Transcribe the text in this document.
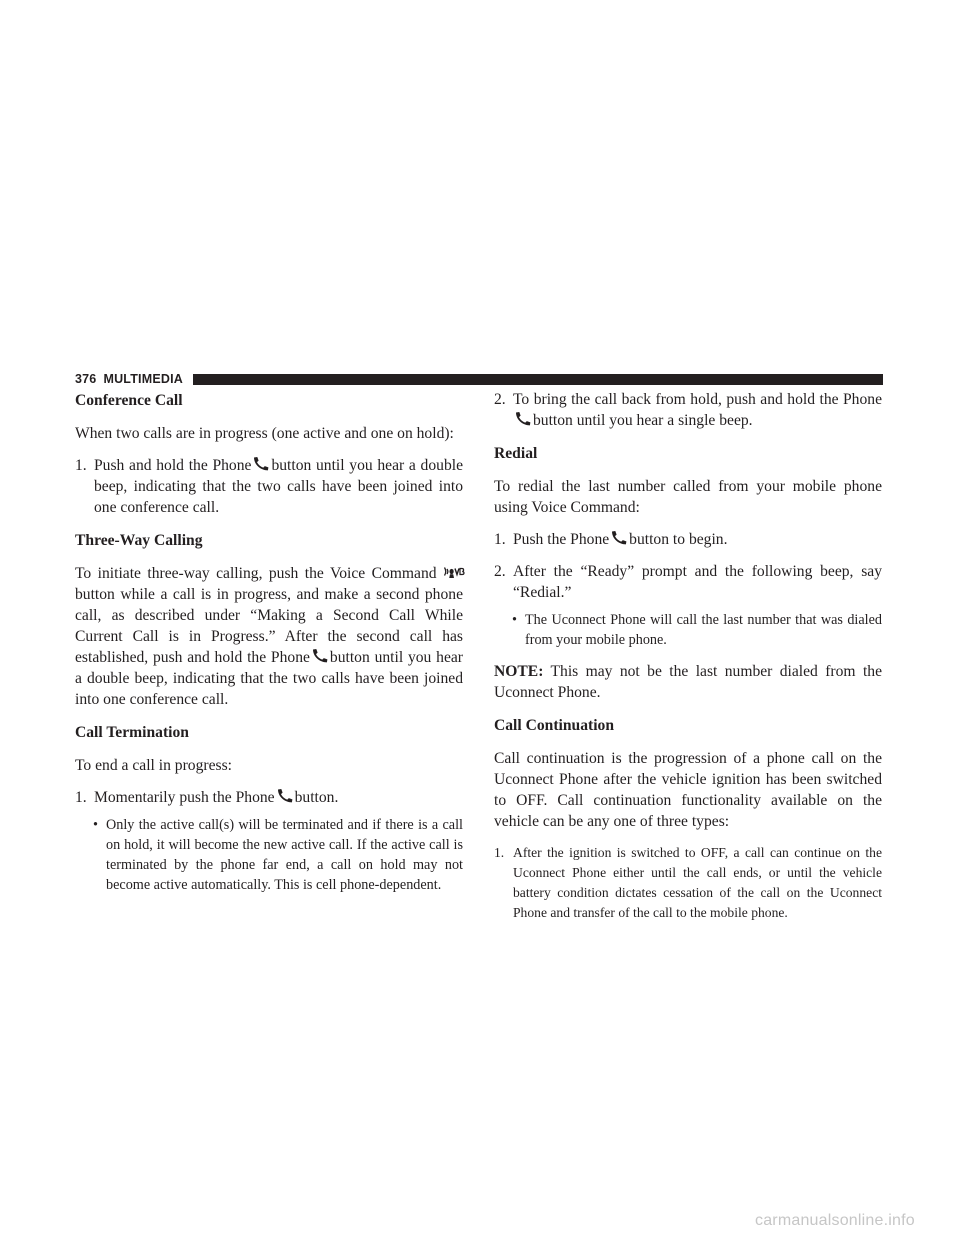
376 MULTIMEDIA
Conference Call

When two calls are in progress (one active and one on hold):

1. Push and hold the Phone button until you hear a double beep, indicating that the two calls have been joined into one conference call.
Three-Way Calling

To initiate three-way calling, push the Voice Command
button while a call is in progress, and make a second phone call, as described under “Making a Second Call While Current Call is in Progress.” After the second call has established, push and hold the Phone button until you hear a double beep, indicating that the two calls have been joined into one conference call.

Call Termination

To end a call in progress:

1. Momentarily push the Phone button.
• Only the active call(s) will be terminated and if there is a call on hold, it will become the new active call. If the active call is terminated by the phone far end, a call on hold may not become active automatically. This is cell phone-dependent.
2. To bring the call back from hold, push and hold the Phone
button until you hear a single beep.
Redial

To redial the last number called from your mobile phone using Voice Command:

1. Push the Phone button to begin.
2. After the “Ready” prompt and the following beep, say “Redial.”
• The Uconnect Phone will call the last number that was dialed from your mobile phone.

NOTE: This may not be the last number dialed from the Uconnect Phone.

Call Continuation

Call continuation is the progression of a phone call on the Uconnect Phone after the vehicle ignition has been switched to OFF. Call continuation functionality available on the vehicle can be any one of three types:

1. After the ignition is switched to OFF, a call can continue on the Uconnect Phone either until the call ends, or until the vehicle battery condition dictates cessation of the call on the Uconnect Phone and transfer of the call to the mobile phone.
carmanualsonline.info
